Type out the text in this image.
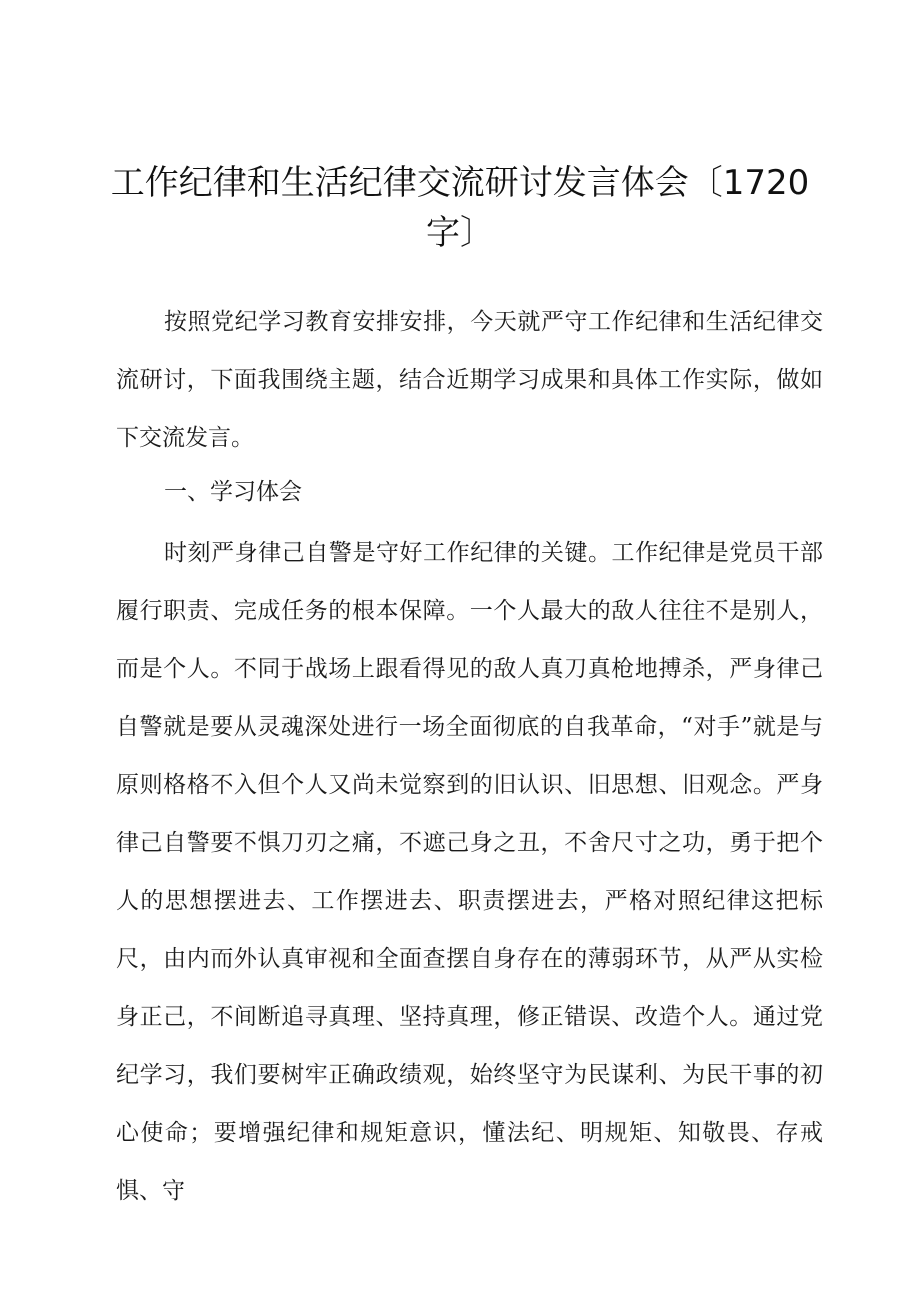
工作纪律和生活纪律交流研讨发言体会〔1720字〕

按照党纪学习教育安排安排，今天就严守工作纪律和生活纪律交流研讨，下面我围绕主题，结合近期学习成果和具体工作实际，做如下交流发言。

一、学习体会

时刻严身律己自警是守好工作纪律的关键。工作纪律是党员干部履行职责、完成任务的根本保障。一个人最大的敌人往往不是别人，而是个人。不同于战场上跟看得见的敌人真刀真枪地搏杀，严身律己自警就是要从灵魂深处进行一场全面彻底的自我革命，“对手”就是与原则格格不入但个人又尚未觉察到的旧认识、旧思想、旧观念。严身律己自警要不惧刀刃之痛，不遮己身之丑，不舍尺寸之功，勇于把个人的思想摆进去、工作摆进去、职责摆进去，严格对照纪律这把标尺，由内而外认真审视和全面查摆自身存在的薄弱环节，从严从实检身正己，不间断追寻真理、坚持真理，修正错误、改造个人。通过党纪学习，我们要树牢正确政绩观，始终坚守为民谋利、为民干事的初心使命；要增强纪律和规矩意识，懂法纪、明规矩、知敬畏、存戒惧、守
